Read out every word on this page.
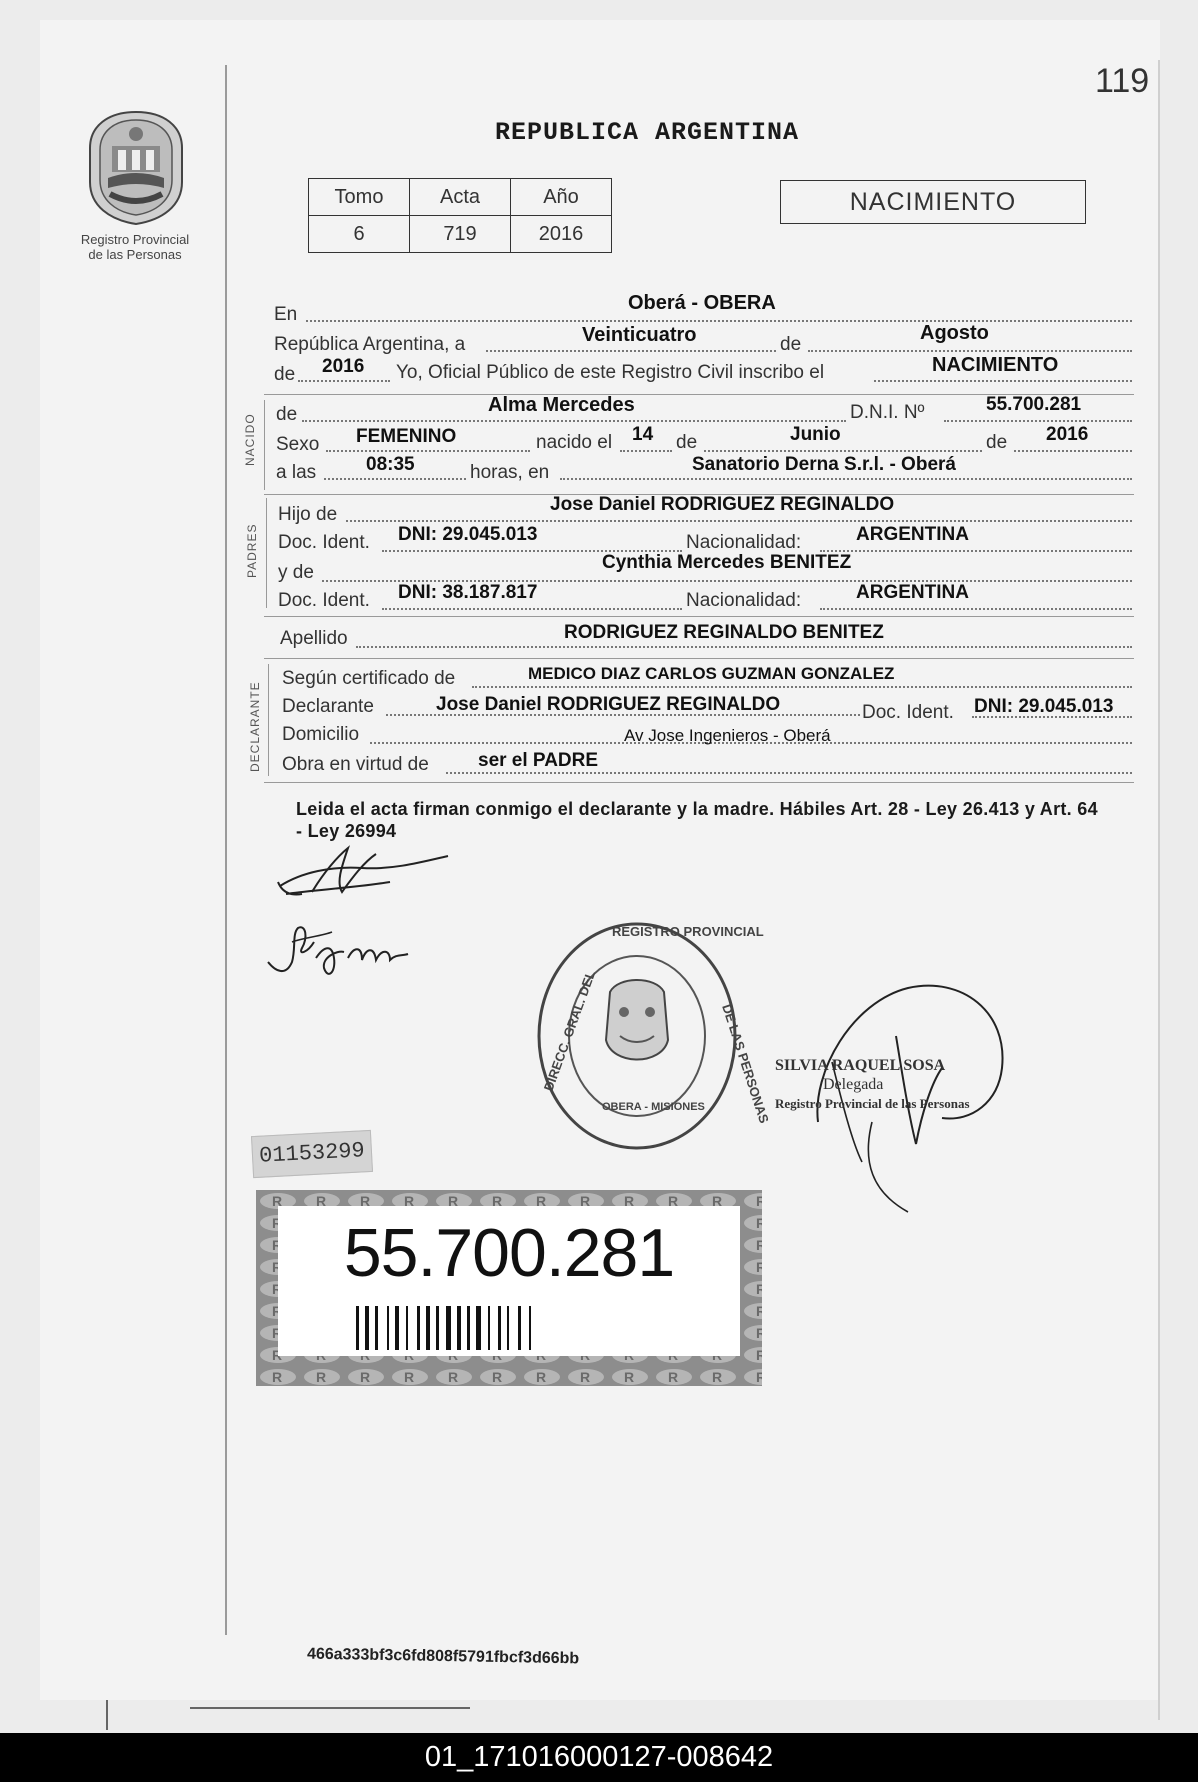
119
Registro Provincial
de las Personas
REPUBLICA ARGENTINA
Tomo	Acta	Año
6	719	2016
NACIMIENTO
En
Oberá - OBERA
República Argentina, a	Veinticuatro	de
Agosto
de 2016 Yo, Oficial Público de este Registro Civil inscribo el	NACIMIENTO
NACIDO de	Alma Mercedes	D.N.I. Nº	55.700.281
Sexo FEMENINO	nacido el 14 de	Junio	de 2016
a las	08:35	horas, en	Sanatorio Derna S.r.l. - Oberá
PADRES
Hijo de	Jose Daniel RODRIGUEZ REGINALDO
Doc. Ident. DNI: 29.045.013	Nacionalidad:	ARGENTINA
y de	Cynthia Mercedes BENITEZ
Doc. Ident. DNI: 38.187.817	Nacionalidad:	ARGENTINA
Apellido	RODRIGUEZ REGINALDO BENITEZ
DECLARANTE
Según certificado de	MEDICO DIAZ CARLOS GUZMAN GONZALEZ
Declarante	Jose Daniel RODRIGUEZ REGINALDO	Doc. Ident. DNI: 29.045.013
Domicilio	Av Jose Ingenieros - Oberá
Obra en virtud de	ser el PADRE
Leida el acta firman conmigo el declarante y la madre. Hábiles Art. 28 - Ley 26.413 y Art. 64 - Ley 26994
DIRECC. GRAL. DEL
REGISTRO PROVINCIAL
DE LAS PERSONAS
OBERA - MISIONES
SILVIA RAQUEL SOSA
Delegada
Registro Provincial de las Personas
01153299
55.700.281
466a333bf3c6fd808f5791fbcf3d66bb
01_171016000127-008642
